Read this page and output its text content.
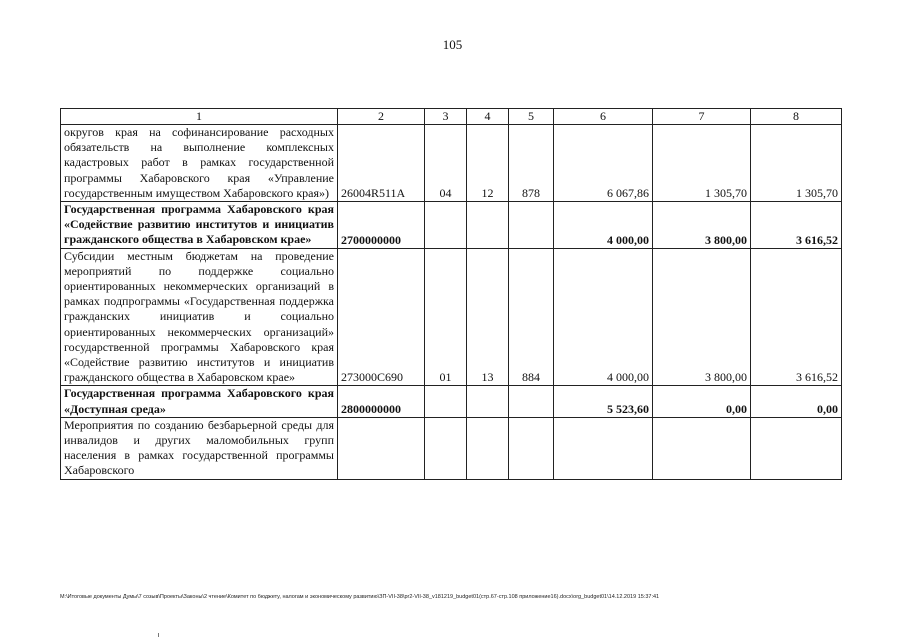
105
1	2	3	4	5	6	7	8
округов края на софинансирование расходных обязательств на выполнение комплексных кадастровых работ в рамках государственной программы Хабаровского края «Управление государственным имуществом Хабаровского края»)	26004R511A	04	12	878	6 067,86	1 305,70	1 305,70
Государственная программа Хабаровского края «Содействие развитию институтов и инициатив гражданского общества в Хабаровском крае»	2700000000				4 000,00	3 800,00	3 616,52
Субсидии местным бюджетам на проведение мероприятий по поддержке социально ориентированных некоммерческих организаций в рамках подпрограммы «Государственная поддержка гражданских инициатив и социально ориентированных некоммерческих организаций» государственной программы Хабаровского края «Содействие развитию институтов и инициатив гражданского общества в Хабаровском крае»	273000С690	01	13	884	4 000,00	3 800,00	3 616,52
Государственная программа Хабаровского края «Доступная среда»	2800000000				5 523,60	0,00	0,00
Мероприятия по созданию безбарьерной среды для инвалидов и других маломобильных групп населения в рамках государственной программы Хабаровского							
М:\Итоговые документы Думы\7 созыв\Проекты\Законы\2 чтение\Комитет по бюджету, налогам и экономическому развитию\ЗП-VII-38\pr2-VII-38_v181219_budget01(стр.67-стр.108 приложение16).docx\org_budget01\14.12.2019 15:37:41
